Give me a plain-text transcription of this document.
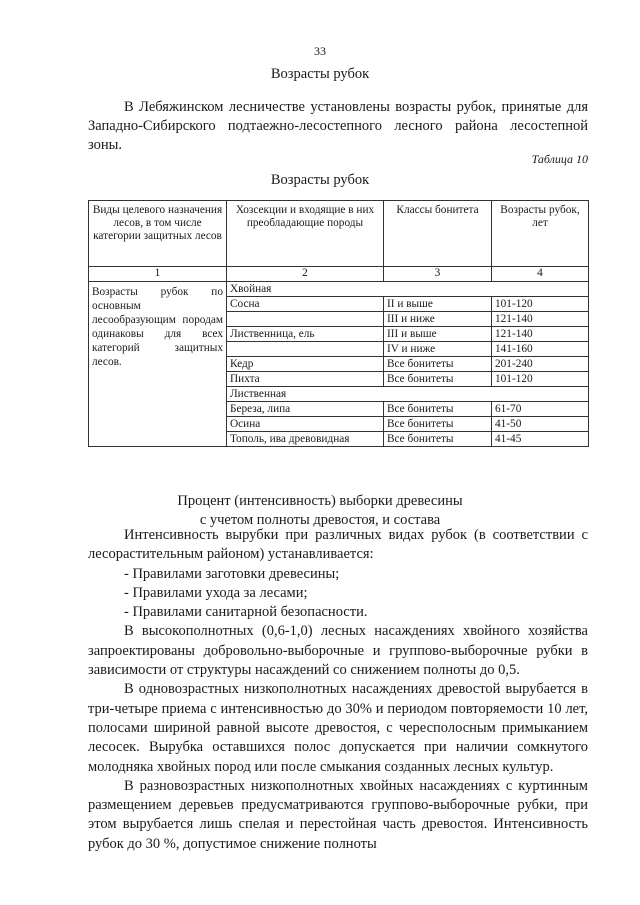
33
Возрасты рубок

В Лебяжинском лесничестве установлены возрасты рубок, принятые для Западно-Сибирского подтаежно-лесостепного лесного района лесостепной зоны.

Таблица 10
Возрасты рубок
Виды целевого назначения лесов, в том числе категории защитных лесов	Хозсекции и входящие в них преобладающие породы	Классы бонитета	Возрасты рубок, лет
1	2	3	4
Возрасты рубок по основным лесообразующим породам одинаковы для всех категорий защитных лесов.	Хвойная		
	Сосна	II и выше	101-120
		III и ниже	121-140
	Лиственница, ель	III и выше	121-140
		IV и ниже	141-160
	Кедр	Все бонитеты	201-240
	Пихта	Все бонитеты	101-120
	Лиственная		
	Береза, липа	Все бонитеты	61-70
	Осина	Все бонитеты	41-50
	Тополь, ива древовидная	Все бонитеты	41-45
Процент (интенсивность) выборки древесины
с учетом полноты древостоя, и состава

Интенсивность вырубки при различных видах рубок (в соответствии с лесорастительным районом) устанавливается:

- Правилами заготовки древесины;

- Правилами ухода за лесами;

- Правилами санитарной безопасности.

В высокополнотных (0,6-1,0) лесных насаждениях хвойного хозяйства запроектированы добровольно-выборочные и группово-выборочные рубки в зависимости от структуры насаждений со снижением полноты до 0,5.

В одновозрастных низкополнотных насаждениях древостой вырубается в три-четыре приема с интенсивностью до 30% и периодом повторяемости 10 лет, полосами шириной равной высоте древостоя, с чересполосным примыканием лесосек. Вырубка оставшихся полос допускается при наличии сомкнутого молодняка хвойных пород или после смыкания созданных лесных культур.

В разновозрастных низкополнотных хвойных насаждениях с куртинным размещением деревьев предусматриваются группово-выборочные рубки, при этом вырубается лишь спелая и перестойная часть древостоя. Интенсивность рубок до 30 %, допустимое снижение полноты
